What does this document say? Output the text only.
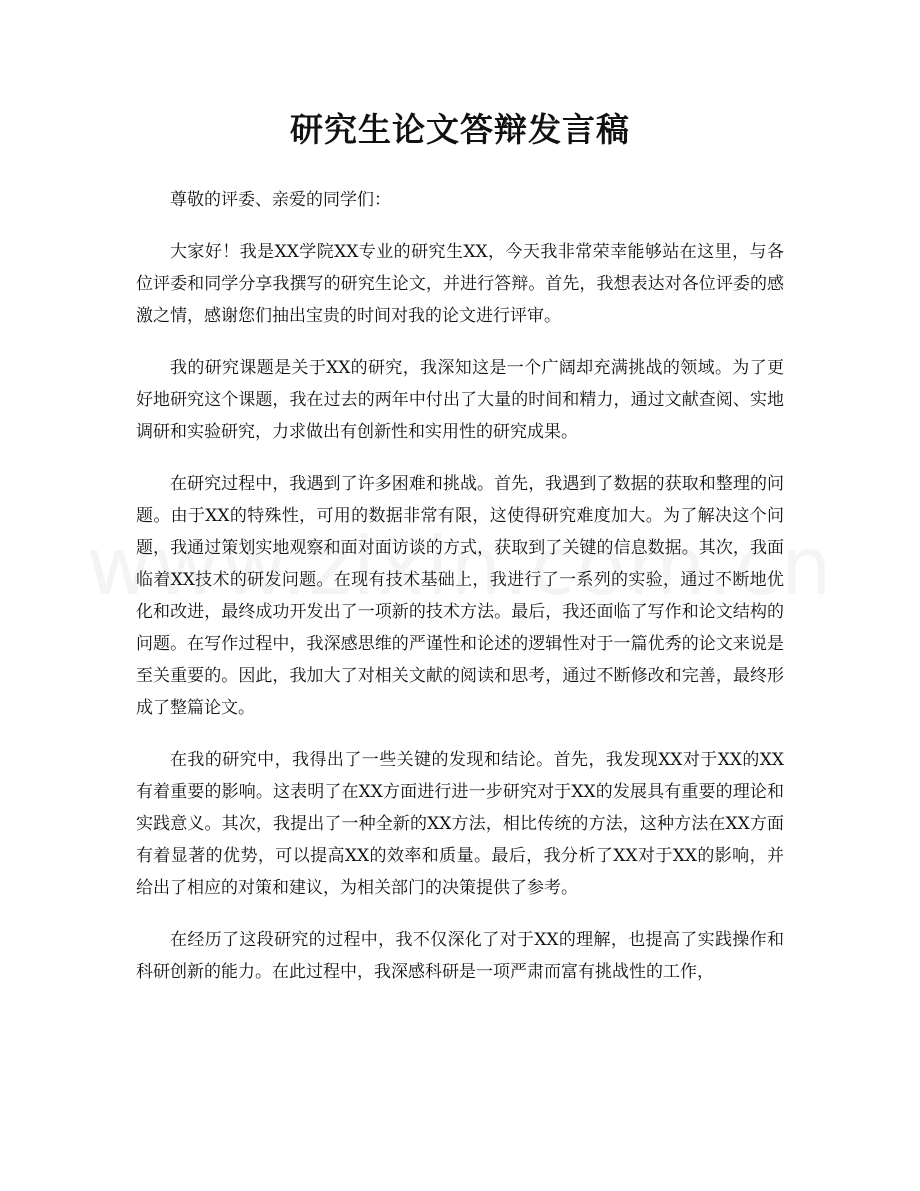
研究生论文答辩发言稿

尊敬的评委、亲爱的同学们：

大家好！我是XX学院XX专业的研究生XX，今天我非常荣幸能够站在这里，与各位评委和同学分享我撰写的研究生论文，并进行答辩。首先，我想表达对各位评委的感激之情，感谢您们抽出宝贵的时间对我的论文进行评审。

我的研究课题是关于XX的研究，我深知这是一个广阔却充满挑战的领域。为了更好地研究这个课题，我在过去的两年中付出了大量的时间和精力，通过文献查阅、实地调研和实验研究，力求做出有创新性和实用性的研究成果。

在研究过程中，我遇到了许多困难和挑战。首先，我遇到了数据的获取和整理的问题。由于XX的特殊性，可用的数据非常有限，这使得研究难度加大。为了解决这个问题，我通过策划实地观察和面对面访谈的方式，获取到了关键的信息数据。其次，我面临着XX技术的研发问题。在现有技术基础上，我进行了一系列的实验，通过不断地优化和改进，最终成功开发出了一项新的技术方法。最后，我还面临了写作和论文结构的问题。在写作过程中，我深感思维的严谨性和论述的逻辑性对于一篇优秀的论文来说是至关重要的。因此，我加大了对相关文献的阅读和思考，通过不断修改和完善，最终形成了整篇论文。

在我的研究中，我得出了一些关键的发现和结论。首先，我发现XX对于XX的XX有着重要的影响。这表明了在XX方面进行进一步研究对于XX的发展具有重要的理论和实践意义。其次，我提出了一种全新的XX方法，相比传统的方法，这种方法在XX方面有着显著的优势，可以提高XX的效率和质量。最后，我分析了XX对于XX的影响，并给出了相应的对策和建议，为相关部门的决策提供了参考。

在经历了这段研究的过程中，我不仅深化了对于XX的理解，也提高了实践操作和科研创新的能力。在此过程中，我深感科研是一项严肃而富有挑战性的工作，
